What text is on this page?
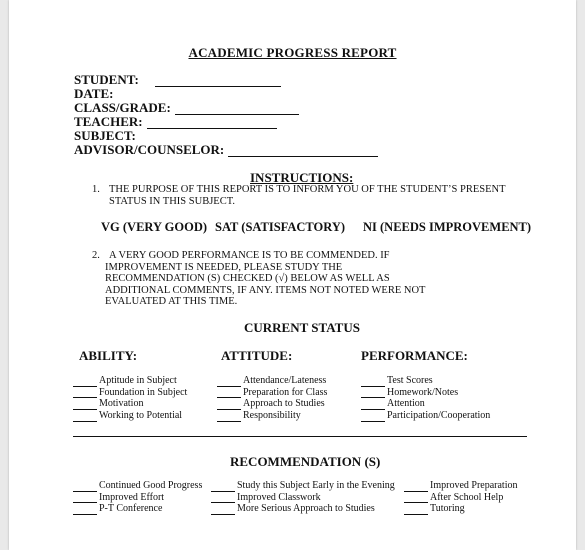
ACADEMIC PROGRESS REPORT
STUDENT:
DATE:
CLASS/GRADE:
TEACHER:
SUBJECT:
ADVISOR/COUNSELOR:
INSTRUCTIONS:
1. THE PURPOSE OF THIS REPORT IS TO INFORM YOU OF THE STUDENT’S PRESENT
STATUS IN THIS SUBJECT.
VG (VERY GOOD) SAT (SATISFACTORY) NI (NEEDS IMPROVEMENT)
2. A VERY GOOD PERFORMANCE IS TO BE COMMENDED. IF
IMPROVEMENT IS NEEDED, PLEASE STUDY THE
RECOMMENDATION (S) CHECKED (√) BELOW AS WELL AS
ADDITIONAL COMMENTS, IF ANY. ITEMS NOT NOTED WERE NOT
EVALUATED AT THIS TIME.
CURRENT STATUS
ABILITY:	ATTITUDE:	PERFORMANCE:
Aptitude in Subject
Foundation in Subject
Motivation
Working to Potential
Attendance/Lateness
Preparation for Class
Approach to Studies
Responsibility
Test Scores
Homework/Notes
Attention
Participation/Cooperation
RECOMMENDATION (S)
Continued Good Progress
Improved Effort
P-T Conference
Study this Subject Early in the Evening
Improved Classwork
More Serious Approach to Studies
Improved Preparation
After School Help
Tutoring
